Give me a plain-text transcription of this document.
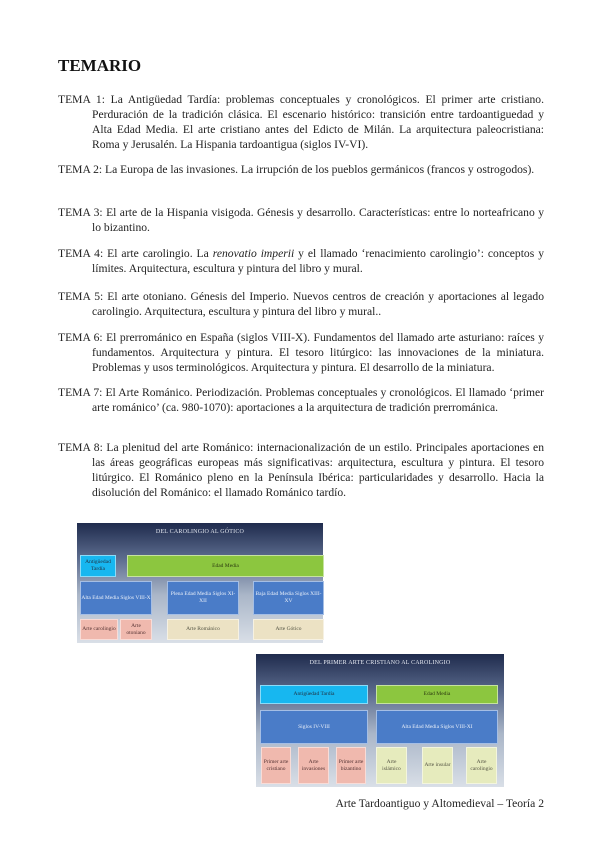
TEMARIO
TEMA 1: La Antigüedad Tardía: problemas conceptuales y cronológicos. El primer arte cristiano. Perduración de la tradición clásica. El escenario histórico: transición entre tardoantiguedad y Alta Edad Media. El arte cristiano antes del Edicto de Milán. La arquitectura paleocristiana: Roma y Jerusalén. La Hispania tardoantigua (siglos IV-VI).
TEMA 2: La Europa de las invasiones. La irrupción de los pueblos germánicos (francos y ostrogodos).
TEMA 3: El arte de la Hispania visigoda. Génesis y desarrollo. Características: entre lo norteafricano y lo bizantino.
TEMA 4: El arte carolingio. La renovatio imperii y el llamado ‘renacimiento carolingio’: conceptos y límites. Arquitectura, escultura y pintura del libro y mural.
TEMA 5: El arte otoniano. Génesis del Imperio. Nuevos centros de creación y aportaciones al legado carolingio. Arquitectura, escultura y pintura del libro y mural..
TEMA 6: El prerrománico en España (siglos VIII-X). Fundamentos del llamado arte asturiano: raíces y fundamentos. Arquitectura y pintura. El tesoro litúrgico: las innovaciones de la miniatura. Problemas y usos terminológicos. Arquitectura y pintura. El desarrollo de la miniatura.
TEMA 7: El Arte Románico. Periodización. Problemas conceptuales y cronológicos. El llamado ‘primer arte románico’ (ca. 980-1070): aportaciones a la arquitectura de tradición prerrománica.
TEMA 8: La plenitud del arte Románico: internacionalización de un estilo. Principales aportaciones en las áreas geográficas europeas más significativas: arquitectura, escultura y pintura. El tesoro litúrgico. El Románico pleno en la Península Ibérica: particularidades y desarrollo. Hacia la disolución del Románico: el llamado Románico tardío.
DEL CAROLINGIO AL GÓTICO
Antigüedad Tardía
Edad Media
Alta Edad Media Siglos VIII-X
Plena Edad Media Siglos XI-XII
Baja Edad Media Siglos XIII-XV
Arte carolingio
Arte otoniano
Arte Románico	Arte Gótico
DEL PRIMER ARTE CRISTIANO AL CAROLINGIO
Antigüedad Tardía	Edad Media
Siglos IV-VIII	Alta Edad Media Siglos VIII-XI
Primer arte cristiano
Arte invasiones
Primer arte bizantino
Arte islámico
Arte insular
Arte carolingio
Arte Tardoantiguo y Altomedieval – Teoría 2
